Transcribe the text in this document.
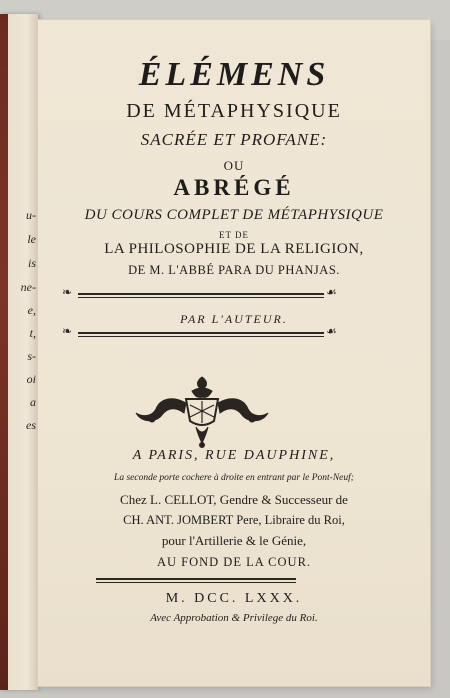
u-
le
is
ne-
e,
t,
s-
oi
a
es
ÉLÉMENS
DE MÉTAPHYSIQUE
SACRÉE ET PROFANE:
OU
ABRÉGÉ
DU COURS COMPLET DE MÉTAPHYSIQUE
ET DE
LA PHILOSOPHIE DE LA RELIGION,
DE M. L'ABBÉ PARA DU PHANJAS.
❧	☙
PAR L'AUTEUR.
❧	☙
A PARIS, RUE DAUPHINE,
La seconde porte cochere à droite en entrant par le Pont-Neuf;
Chez L. CELLOT, Gendre & Successeur de
CH. ANT. JOMBERT Pere, Libraire du Roi,
pour l'Artillerie & le Génie,
AU FOND DE LA COUR.
M. DCC. LXXX.
Avec Approbation & Privilege du Roi.
